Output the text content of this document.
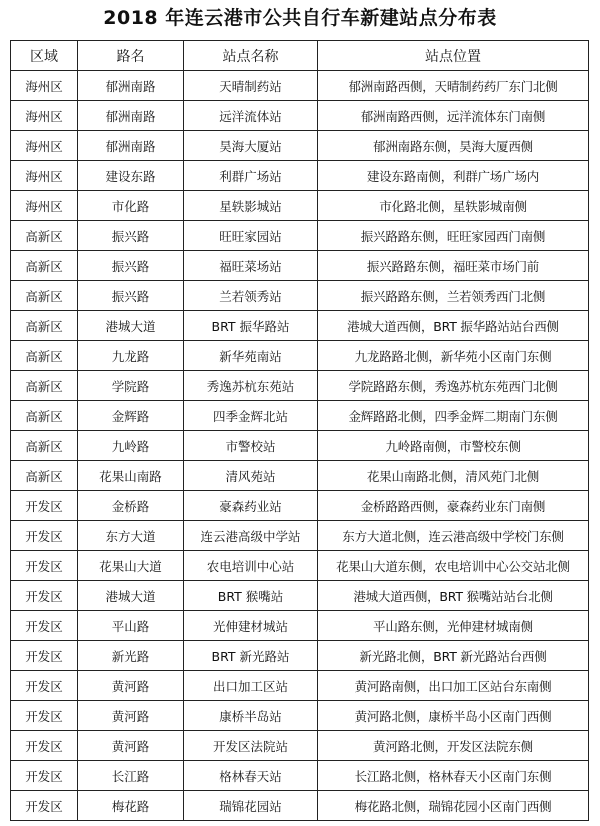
2018 年连云港市公共自行车新建站点分布表
区域	路名	站点名称	站点位置
海州区	郁洲南路	天晴制药站	郁洲南路西侧，天晴制药药厂东门北侧
海州区	郁洲南路	远洋流体站	郁洲南路西侧，远洋流体东门南侧
海州区	郁洲南路	昊海大厦站	郁洲南路东侧，昊海大厦西侧
海州区	建设东路	利群广场站	建设东路南侧，利群广场广场内
海州区	市化路	星轶影城站	市化路北侧，星轶影城南侧
高新区	振兴路	旺旺家园站	振兴路路东侧，旺旺家园西门南侧
高新区	振兴路	福旺菜场站	振兴路路东侧，福旺菜市场门前
高新区	振兴路	兰若领秀站	振兴路路东侧，兰若领秀西门北侧
高新区	港城大道	BRT 振华路站	港城大道西侧，BRT 振华路站站台西侧
高新区	九龙路	新华苑南站	九龙路路北侧，新华苑小区南门东侧
高新区	学院路	秀逸苏杭东苑站	学院路路东侧，秀逸苏杭东苑西门北侧
高新区	金辉路	四季金辉北站	金辉路路北侧，四季金辉二期南门东侧
高新区	九岭路	市警校站	九岭路南侧，市警校东侧
高新区	花果山南路	清风苑站	花果山南路北侧，清风苑门北侧
开发区	金桥路	豪森药业站	金桥路路西侧，豪森药业东门南侧
开发区	东方大道	连云港高级中学站	东方大道北侧，连云港高级中学校门东侧
开发区	花果山大道	农电培训中心站	花果山大道东侧，农电培训中心公交站北侧
开发区	港城大道	BRT 猴嘴站	港城大道西侧，BRT 猴嘴站站台北侧
开发区	平山路	光伸建材城站	平山路东侧，光伸建材城南侧
开发区	新光路	BRT 新光路站	新光路北侧，BRT 新光路站台西侧
开发区	黄河路	出口加工区站	黄河路南侧，出口加工区站台东南侧
开发区	黄河路	康桥半岛站	黄河路北侧，康桥半岛小区南门西侧
开发区	黄河路	开发区法院站	黄河路北侧，开发区法院东侧
开发区	长江路	格林春天站	长江路北侧，格林春天小区南门东侧
开发区	梅花路	瑞锦花园站	梅花路北侧，瑞锦花园小区南门西侧
